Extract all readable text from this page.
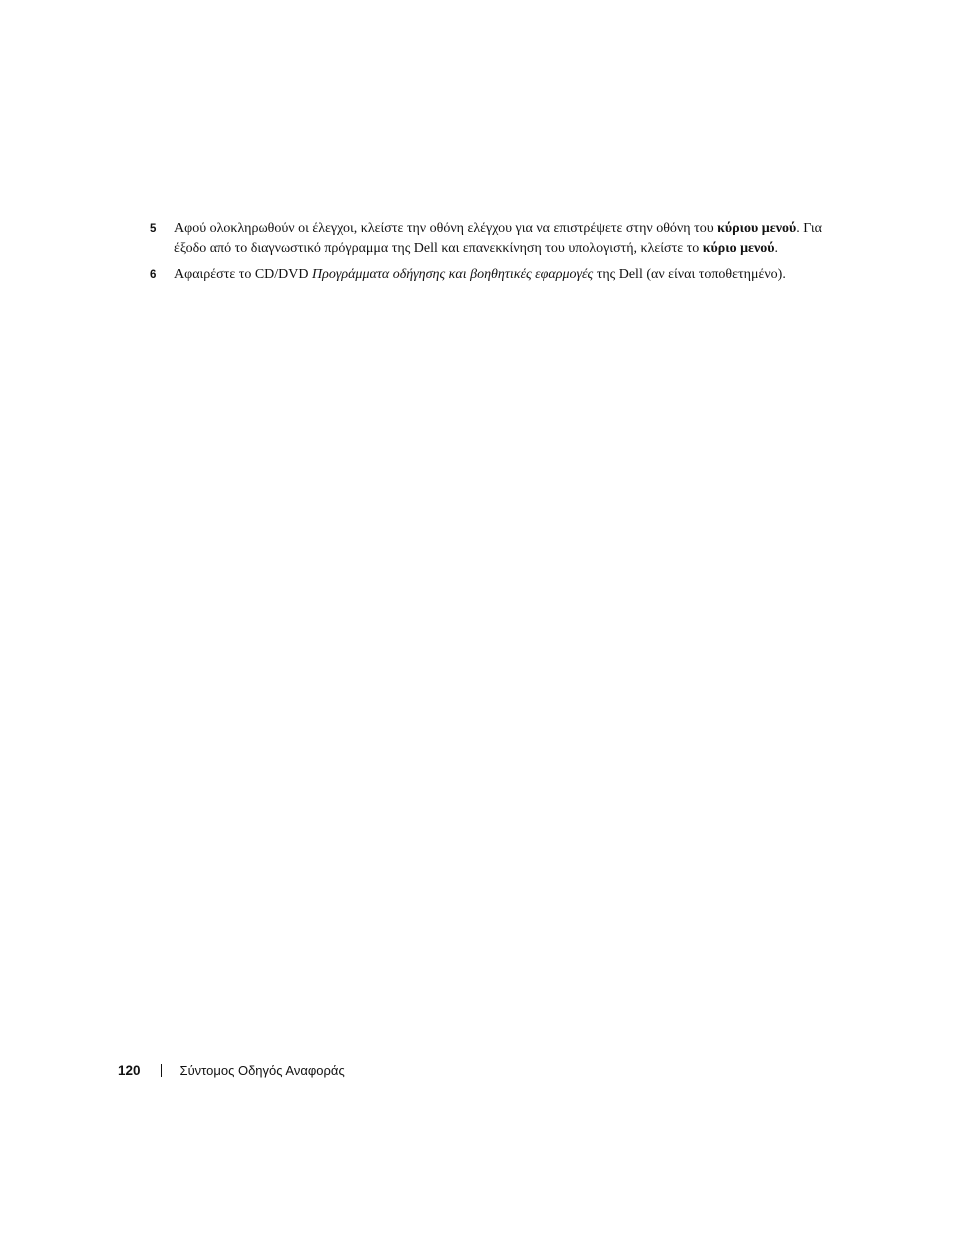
5 Αφού ολοκληρωθούν οι έλεγχοι, κλείστε την οθόνη ελέγχου για να επιστρέψετε στην οθόνη του κύριου μενού. Για έξοδο από το διαγνωστικό πρόγραμμα της Dell και επανεκκίνηση του υπολογιστή, κλείστε το κύριο μενού.
6 Αφαιρέστε το CD/DVD Προγράμματα οδήγησης και βοηθητικές εφαρμογές της Dell (αν είναι τοποθετημένο).
120	Σύντομος Οδηγός Αναφοράς
